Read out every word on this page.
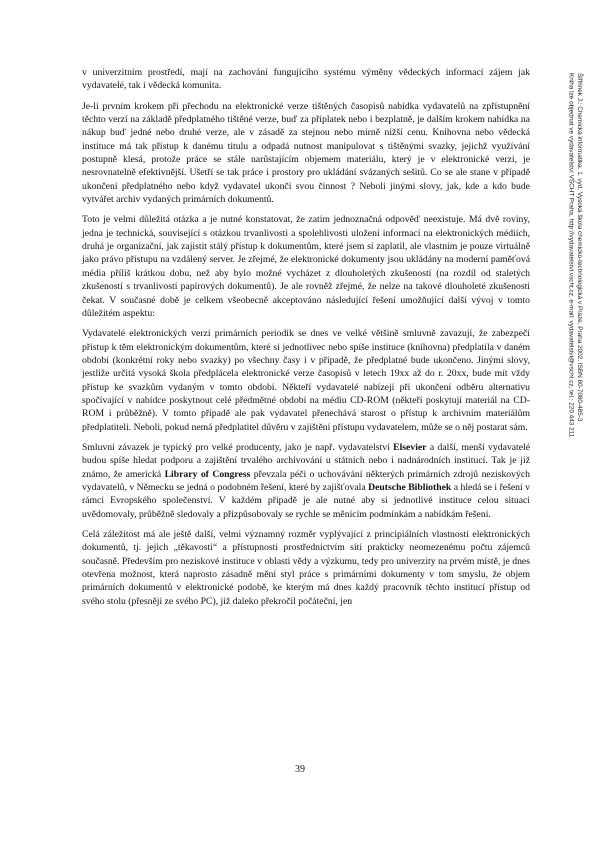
v univerzitním prostředí, mají na zachování fungujícího systému výměny vědeckých informací zájem jak vydavatelé, tak i vědecká komunita.

Je-li prvním krokem při přechodu na elektronické verze tištěných časopisů nabídka vydavatelů na zpřístupnění těchto verzí na základě předplatného tištěné verze, buď za příplatek nebo i bezplatně, je dalším krokem nabídka na nákup buď jedné nebo druhé verze, ale v zásadě za stejnou nebo mírně nižší cenu. Knihovna nebo vědecká instituce má tak přístup k danému titulu a odpadá nutnost manipulovat s tištěnými svazky, jejichž využívání postupně klesá, protože práce se stále narůstajícím objemem materiálu, který je v elektronické verzi, je nesrovnatelně efektivnější. Ušetří se tak práce i prostory pro ukládání svázaných sešitů. Co se ale stane v případě ukončení předplatného nebo když vydavatel ukončí svou činnost ? Neboli jinými slovy, jak, kde a kdo bude vytvářet archiv vydaných primárních dokumentů.

Toto je velmi důležitá otázka a je nutné konstatovat, že zatím jednoznačná odpověď neexistuje. Má dvě roviny, jedna je technická, související s otázkou trvanlivosti a spolehlivosti uložení informací na elektronických médiích, druhá je organizační, jak zajistit stálý přístup k dokumentům, které jsem si zaplatil, ale vlastním je pouze virtuálně jako právo přístupu na vzdálený server. Je zřejmé, že elektronické dokumenty jsou ukládány na moderní paměťová média příliš krátkou dobu, než aby bylo možné vycházet z dlouholetých zkušeností (na rozdíl od staletých zkušeností s trvanlivostí papírových dokumentů). Je ale rovněž zřejmé, že nelze na takové dlouholeté zkušenosti čekat. V současné době je celkem všeobecně akceptováno následující řešení umožňující další vývoj v tomto důležitém aspektu:

Vydavatelé elektronických verzí primárních periodik se dnes ve velké většině smluvně zavazují, že zabezpečí přístup k těm elektronickým dokumentům, které si jednotlivec nebo spíše instituce (knihovna) předplatila v daném období (konkrétní roky nebo svazky) po všechny časy i v případě, že předplatné bude ukončeno. Jinými slovy, jestliže určitá vysoká škola předplácela elektronické verze časopisů v letech 19xx až do r. 20xx, bude mít vždy přístup ke svazkům vydaným v tomto období. Někteří vydavatelé nabízejí při ukončení odběru alternativu spočívající v nabídce poskytnout celé předmětné období na médiu CD-ROM (někteří poskytují materiál na CD-ROM i průběžně). V tomto případě ale pak vydavatel přenechává starost o přístup k archivním materiálům předplatiteli. Neboli, pokud nemá předplatitel důvěru v zajištění přístupu vydavatelem, může se o něj postarat sám.

Smluvní závazek je typický pro velké producenty, jako je např. vydavatelství Elsevier a další, menší vydavatelé budou spíše hledat podporu a zajištění trvalého archivování u státních nebo i nadnárodních institucí. Tak je již známo, že americká Library of Congress převzala péči o uchovávání některých primárních zdrojů neziskových vydavatelů, v Německu se jedná o podobném řešení, které by zajišťovala Deutsche Bibliothek a hledá se i řešení v rámci Evropského společenství. V každém případě je ale nutné aby si jednotlivé instituce celou situaci uvědomovaly, průběžně sledovaly a přizpůsobovaly se rychle se měnícím podmínkám a nabídkám řešení.

Celá záležitost má ale ještě další, velmi významný rozměr vyplývající z principiálních vlastností elektronických dokumentů, tj. jejich „těkavosti“ a přístupnosti prostřednictvím sítí prakticky neomezenému počtu zájemců současně. Především pro neziskové instituce v oblasti vědy a výzkumu, tedy pro univerzity na prvém místě, je dnes otevřena možnost, která naprosto zásadně mění styl práce s primárními dokumenty v tom smyslu, že objem primárních dokumentů v elektronické podobě, ke kterým má dnes každý pracovník těchto institucí přístup od svého stolu (přesněji ze svého PC), již daleko překročil počáteční, jen

Šiffrinek J.: Chemická informatika. 1. vyd. Vysoká škola chemicko-technologická v Praze, Praha 2002. ISBN 80-7080-485-3
Kniha lze objednat ve vydavatelství VŠCHT Praha, http://vydavatelstvi.vscht.cz, e-mail: vydavatelstvi@vscht.cz, tel.: 220 443 211
39
